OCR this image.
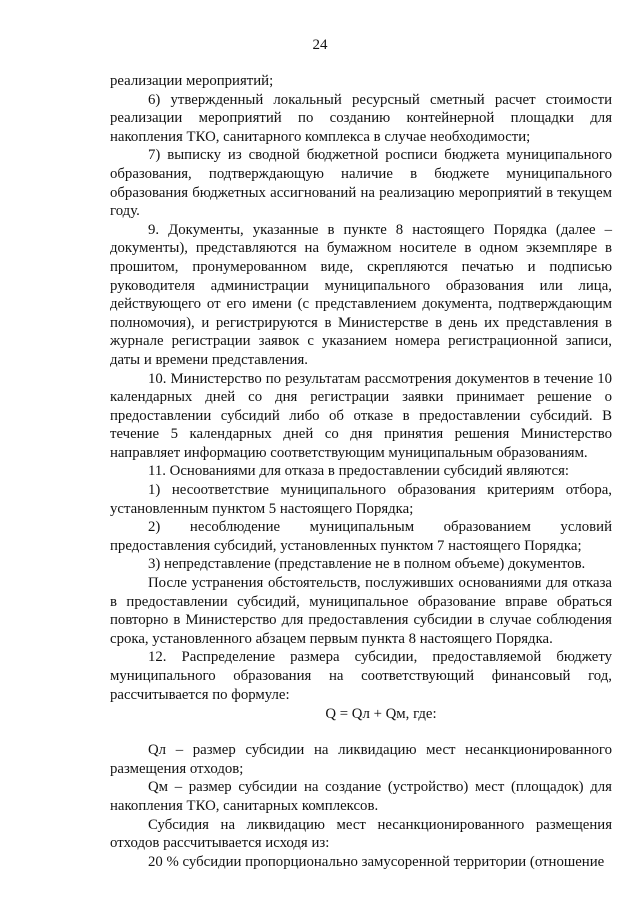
24

реализации мероприятий;

6) утвержденный локальный ресурсный сметный расчет стоимости реализации мероприятий по созданию контейнерной площадки для накопления ТКО, санитарного комплекса в случае необходимости;

7) выписку из сводной бюджетной росписи бюджета муниципального образования, подтверждающую наличие в бюджете муниципального образования бюджетных ассигнований на реализацию мероприятий в текущем году.

9. Документы, указанные в пункте 8 настоящего Порядка (далее – документы), представляются на бумажном носителе в одном экземпляре в прошитом, пронумерованном виде, скрепляются печатью и подписью руководителя администрации муниципального образования или лица, действующего от его имени (с представлением документа, подтверждающим полномочия), и регистрируются в Министерстве в день их представления в журнале регистрации заявок с указанием номера регистрационной записи, даты и времени представления.

10. Министерство по результатам рассмотрения документов в течение 10 календарных дней со дня регистрации заявки принимает решение о предоставлении субсидий либо об отказе в предоставлении субсидий. В течение 5 календарных дней со дня принятия решения Министерство направляет информацию соответствующим муниципальным образованиям.

11. Основаниями для отказа в предоставлении субсидий являются:

1) несоответствие муниципального образования критериям отбора, установленным пунктом 5 настоящего Порядка;

2) несоблюдение муниципальным образованием условий предоставления субсидий, установленных пунктом 7 настоящего Порядка;

3) непредставление (представление не в полном объеме) документов.

После устранения обстоятельств, послуживших основаниями для отказа в предоставлении субсидий, муниципальное образование вправе обраться повторно в Министерство для предоставления субсидии в случае соблюдения срока, установленного абзацем первым пункта 8 настоящего Порядка.

12. Распределение размера субсидии, предоставляемой бюджету муниципального образования на соответствующий финансовый год, рассчитывается по формуле:

Q = Qл + Qм, где:

Qл – размер субсидии на ликвидацию мест несанкционированного размещения отходов;

Qм – размер субсидии на создание (устройство) мест (площадок) для накопления ТКО, санитарных комплексов.

Субсидия на ликвидацию мест несанкционированного размещения отходов рассчитывается исходя из:

20 % субсидии пропорционально замусоренной территории (отношение
